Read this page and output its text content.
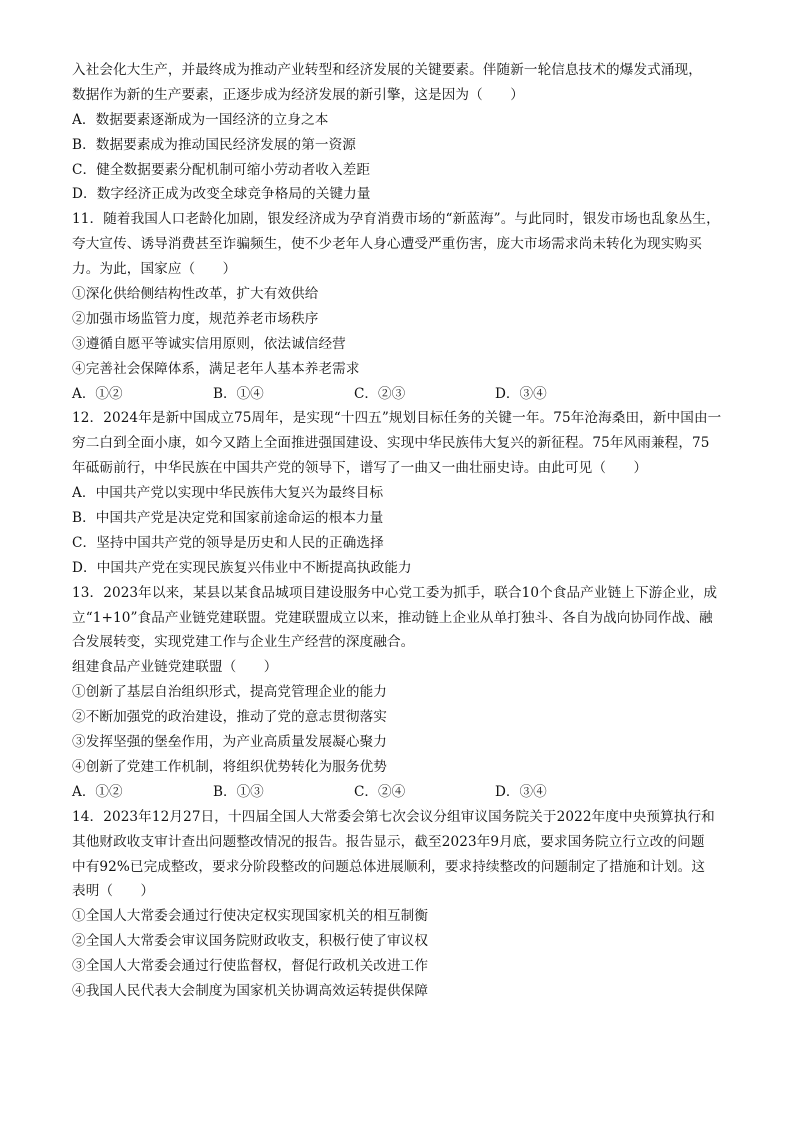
入社会化大生产，并最终成为推动产业转型和经济发展的关键要素。伴随新一轮信息技术的爆发式涌现，
数据作为新的生产要素，正逐步成为经济发展的新引擎，这是因为（　　）
A．数据要素逐渐成为一国经济的立身之本
B．数据要素成为推动国民经济发展的第一资源
C．健全数据要素分配机制可缩小劳动者收入差距
D．数字经济正成为改变全球竞争格局的关键力量
11．随着我国人口老龄化加剧，银发经济成为孕育消费市场的“新蓝海”。与此同时，银发市场也乱象丛生，
夸大宣传、诱导消费甚至诈骗频生，使不少老年人身心遭受严重伤害，庞大市场需求尚未转化为现实购买
力。为此，国家应（　　）
①深化供给侧结构性改革，扩大有效供给
②加强市场监管力度，规范养老市场秩序
③遵循自愿平等诚实信用原则，依法诚信经营
④完善社会保障体系，满足老年人基本养老需求
A．①②	B．①④	C．②③	D．③④
12．2024年是新中国成立75周年，是实现“十四五”规划目标任务的关键一年。75年沧海桑田，新中国由一
穷二白到全面小康，如今又踏上全面推进强国建设、实现中华民族伟大复兴的新征程。75年风雨兼程，75
年砥砺前行，中华民族在中国共产党的领导下，谱写了一曲又一曲壮丽史诗。由此可见（　　）
A．中国共产党以实现中华民族伟大复兴为最终目标
B．中国共产党是决定党和国家前途命运的根本力量
C．坚持中国共产党的领导是历史和人民的正确选择
D．中国共产党在实现民族复兴伟业中不断提高执政能力
13．2023年以来，某县以某食品城项目建设服务中心党工委为抓手，联合10个食品产业链上下游企业，成
立“1+10”食品产业链党建联盟。党建联盟成立以来，推动链上企业从单打独斗、各自为战向协同作战、融
合发展转变，实现党建工作与企业生产经营的深度融合。
组建食品产业链党建联盟（　　）
①创新了基层自治组织形式，提高党管理企业的能力
②不断加强党的政治建设，推动了党的意志贯彻落实
③发挥坚强的堡垒作用，为产业高质量发展凝心聚力
④创新了党建工作机制，将组织优势转化为服务优势
A．①②	B．①③	C．②④	D．③④
14．2023年12月27日，十四届全国人大常委会第七次会议分组审议国务院关于2022年度中央预算执行和
其他财政收支审计查出问题整改情况的报告。报告显示，截至2023年9月底，要求国务院立行立改的问题
中有92%已完成整改，要求分阶段整改的问题总体进展顺利，要求持续整改的问题制定了措施和计划。这
表明（　　）
①全国人大常委会通过行使决定权实现国家机关的相互制衡
②全国人大常委会审议国务院财政收支，积极行使了审议权
③全国人大常委会通过行使监督权，督促行政机关改进工作
④我国人民代表大会制度为国家机关协调高效运转提供保障
